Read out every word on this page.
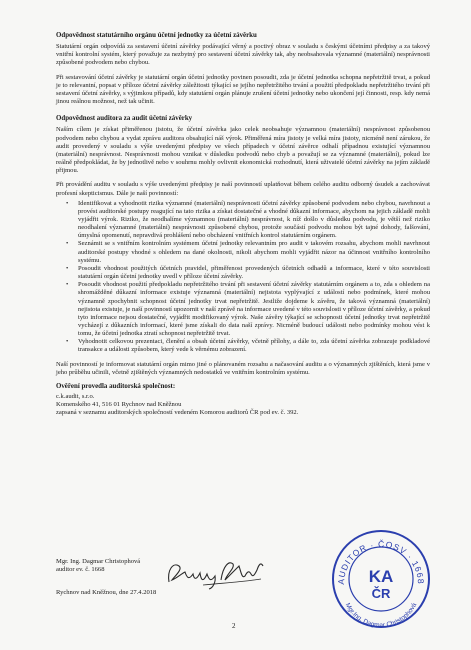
Odpovědnost statutárního orgánu účetní jednotky za účetní závěrku
Statutární orgán odpovídá za sestavení účetní závěrky podávající věrný a poctivý obraz v souladu s českými účetními předpisy a za takový vnitřní kontrolní systém, který považuje za nezbytný pro sestavení účetní závěrky tak, aby neobsahovala významné (materiální) nesprávnosti způsobené podvodem nebo chybou.
Při sestavování účetní závěrky je statutární orgán účetní jednotky povinen posoudit, zda je účetní jednotka schopna nepřetržitě trvat, a pokud je to relevantní, popsat v příloze účetní závěrky záležitosti týkající se jejího nepřetržitého trvání a použití předpokladu nepřetržitého trvání při sestavení účetní závěrky, s výjimkou případů, kdy statutární orgán plánuje zrušení účetní jednotky nebo ukončení její činnosti, resp. kdy nemá jinou reálnou možnost, než tak učinit.
Odpovědnost auditora za audit účetní závěrky
Naším cílem je získat přiměřenou jistotu, že účetní závěrka jako celek neobsahuje významnou (materiální) nesprávnost způsobenou podvodem nebo chybou a vydat zprávu auditora obsahující náš výrok. Přiměřená míra jistoty je velká míra jistoty, nicméně není zárukou, že audit provedený v souladu s výše uvedenými předpisy ve všech případech v účetní závěrce odhalí případnou existující významnou (materiální) nesprávnost. Nesprávnosti mohou vznikat v důsledku podvodů nebo chyb a považují se za významné (materiální), pokud lze reálně předpokládat, že by jednotlivě nebo v souhrnu mohly ovlivnit ekonomická rozhodnutí, která uživatelé účetní závěrky na jejím základě přijmou.
Při provádění auditu v souladu s výše uvedenými předpisy je naší povinností uplatňovat během celého auditu odborný úsudek a zachovávat profesní skepticismus. Dále je naší povinností:
• Identifikovat a vyhodnotit rizika významné (materiální) nesprávnosti účetní závěrky způsobené podvodem nebo chybou, navrhnout a provést auditorské postupy reagující na tato rizika a získat dostatečné a vhodné důkazní informace, abychom na jejich základě mohli vyjádřit výrok. Riziko, že neodhalíme významnou (materiální) nesprávnost, k níž došlo v důsledku podvodu, je větší než riziko neodhalení významné (materiální) nesprávnosti způsobené chybou, protože součástí podvodu mohou být tajné dohody, falšování, úmyslná opomenutí, nepravdivá prohlášení nebo obcházení vnitřních kontrol statutárním orgánem.
• Seznámit se s vnitřním kontrolním systémem účetní jednotky relevantním pro audit v takovém rozsahu, abychom mohli navrhnout auditorské postupy vhodné s ohledem na dané okolnosti, nikoli abychom mohli vyjádřit názor na účinnost vnitřního kontrolního systému.
• Posoudit vhodnost použitých účetních pravidel, přiměřenost provedených účetních odhadů a informace, které v této souvislosti statutární orgán účetní jednotky uvedl v příloze účetní závěrky.
• Posoudit vhodnost použití předpokladu nepřetržitého trvání při sestavení účetní závěrky statutárním orgánem a to, zda s ohledem na shromážděné důkazní informace existuje významná (materiální) nejistota vyplývající z událostí nebo podmínek, které mohou významně zpochybnit schopnost účetní jednotky trvat nepřetržitě. Jestliže dojdeme k závěru, že taková významná (materiální) nejistota existuje, je naší povinností upozornit v naší zprávě na informace uvedené v této souvislosti v příloze účetní závěrky, a pokud tyto informace nejsou dostatečné, vyjádřit modifikovaný výrok. Naše závěry týkající se schopnosti účetní jednotky trvat nepřetržitě vycházejí z důkazních informací, které jsme získali do data naší zprávy. Nicméně budoucí události nebo podmínky mohou vést k tomu, že účetní jednotka ztratí schopnost nepřetržitě trvat.
• Vyhodnotit celkovou prezentaci, členění a obsah účetní závěrky, včetně přílohy, a dále to, zda účetní závěrka zobrazuje podkladové transakce a události způsobem, který vede k věrnému zobrazení.
Naší povinností je informovat statutární orgán mimo jiné o plánovaném rozsahu a načasování auditu a o významných zjištěních, která jsme v jeho průběhu učinili, včetně zjištěných významných nedostatků ve vnitřním kontrolním systému.
Ověření provedla auditorská společnost:
c.k.audit, s.r.o.
Komenského 41, 516 01 Rychnov nad Kněžnou
zapsaná v seznamu auditorských společností vedeném Komorou auditorů ČR pod ev. č. 392.
Mgr. Ing. Dagmar Christophová
auditor ev. č. 1668
Rychnov nad Kněžnou, dne 27.4.2018
AUDITOR · ČOSV · 1668
Mgr.Ing. Dagmar Christophová
KA
ČR
2
